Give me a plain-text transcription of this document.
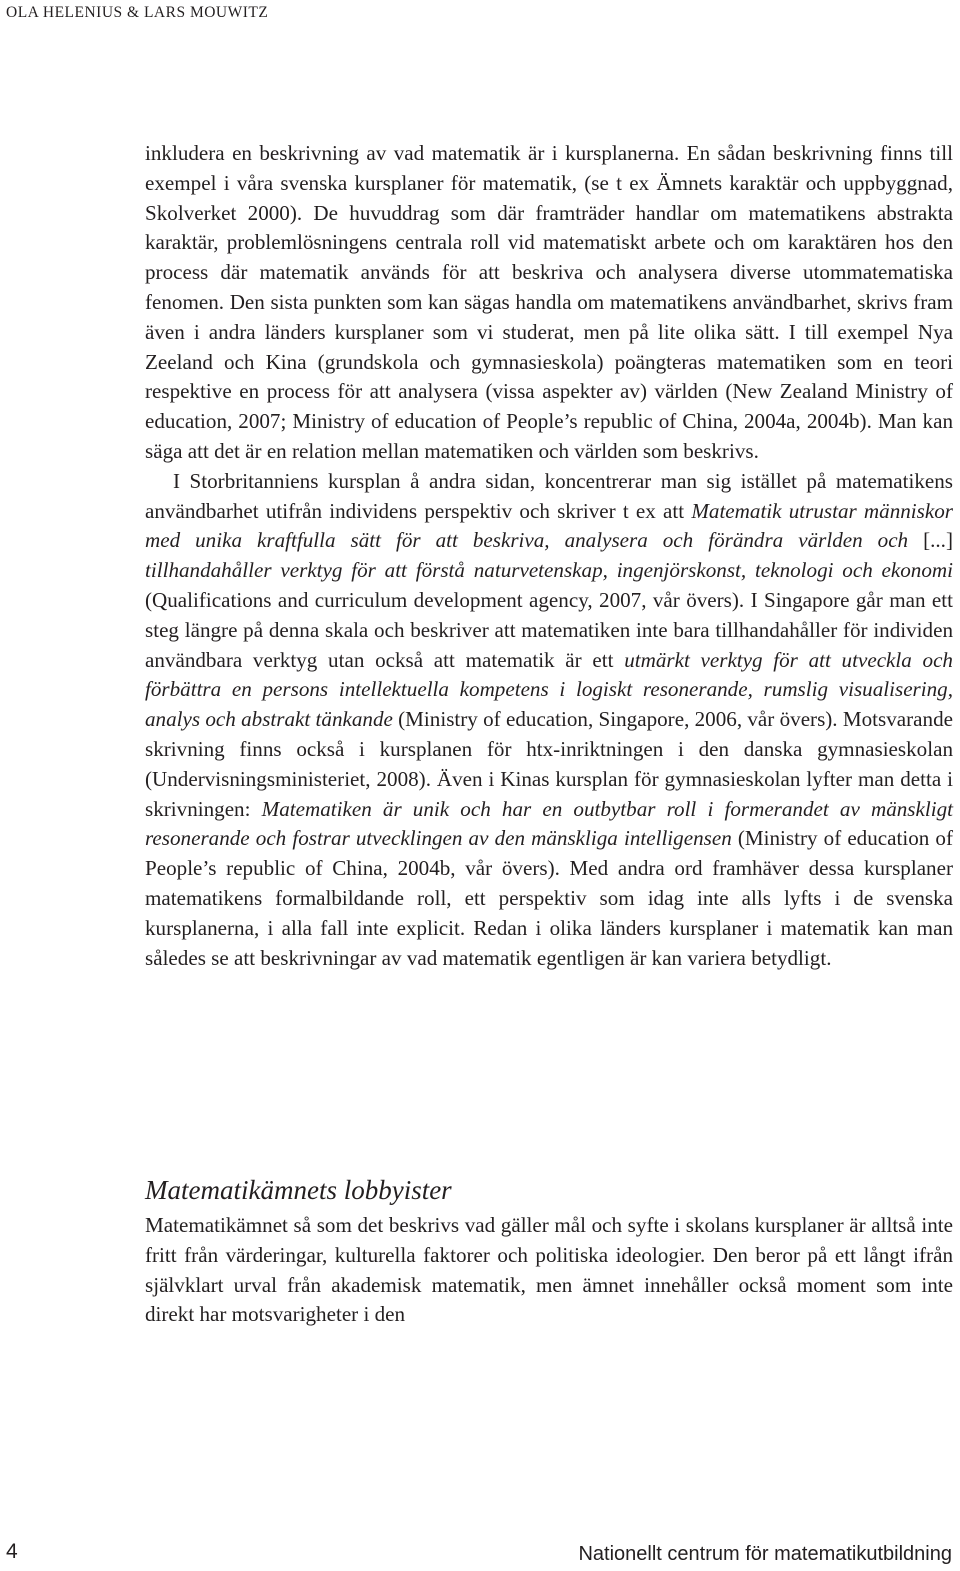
OLA HELENIUS & LARS MOUWITZ

inkludera en beskrivning av vad matematik är i kursplanerna. En sådan beskrivning finns till exempel i våra svenska kursplaner för matematik, (se t ex Ämnets karaktär och uppbyggnad, Skolverket 2000). De huvuddrag som där framträder handlar om matematikens abstrakta karaktär, problemlösningens centrala roll vid matematiskt arbete och om karaktären hos den process där matematik används för att beskriva och analysera diverse utommatematiska fenomen. Den sista punkten som kan sägas handla om matematikens användbarhet, skrivs fram även i andra länders kursplaner som vi studerat, men på lite olika sätt. I till exempel Nya Zeeland och Kina (grundskola och gymnasieskola) poängteras matematiken som en teori respektive en process för att analysera (vissa aspekter av) världen (New Zealand Ministry of education, 2007; Ministry of education of People’s republic of China, 2004a, 2004b). Man kan säga att det är en relation mellan matematiken och världen som beskrivs.

I Storbritanniens kursplan å andra sidan, koncentrerar man sig istället på matematikens användbarhet utifrån individens perspektiv och skriver t ex att Matematik utrustar människor med unika kraftfulla sätt för att beskriva, analysera och förändra världen och [...] tillhandahåller verktyg för att förstå naturvetenskap, ingenjörskonst, teknologi och ekonomi (Qualifications and curriculum development agency, 2007, vår övers). I Singapore går man ett steg längre på denna skala och beskriver att matematiken inte bara tillhandahåller för individen användbara verktyg utan också att matematik är ett utmärkt verktyg för att utveckla och förbättra en persons intellektuella kompetens i logiskt resonerande, rumslig visualisering, analys och abstrakt tänkande (Ministry of education, Singapore, 2006, vår övers). Motsvarande skrivning finns också i kursplanen för htx-inriktningen i den danska gymnasieskolan (Undervisningsministeriet, 2008). Även i Kinas kursplan för gymnasieskolan lyfter man detta i skrivningen: Matematiken är unik och har en outbytbar roll i formerandet av mänskligt resonerande och fostrar utvecklingen av den mänskliga intelligensen (Ministry of education of People’s republic of China, 2004b, vår övers). Med andra ord framhäver dessa kursplaner matematikens formalbildande roll, ett perspektiv som idag inte alls lyfts i de svenska kursplanerna, i alla fall inte explicit. Redan i olika länders kursplaner i matematik kan man således se att beskrivningar av vad matematik egentligen är kan variera betydligt.

Matematikämnets lobbyister

Matematikämnet så som det beskrivs vad gäller mål och syfte i skolans kursplaner är alltså inte fritt från värderingar, kulturella faktorer och politiska ideologier. Den beror på ett långt ifrån självklart urval från akademisk matematik, men ämnet innehåller också moment som inte direkt har motsvarigheter i den

4	Nationellt centrum för matematikutbildning
